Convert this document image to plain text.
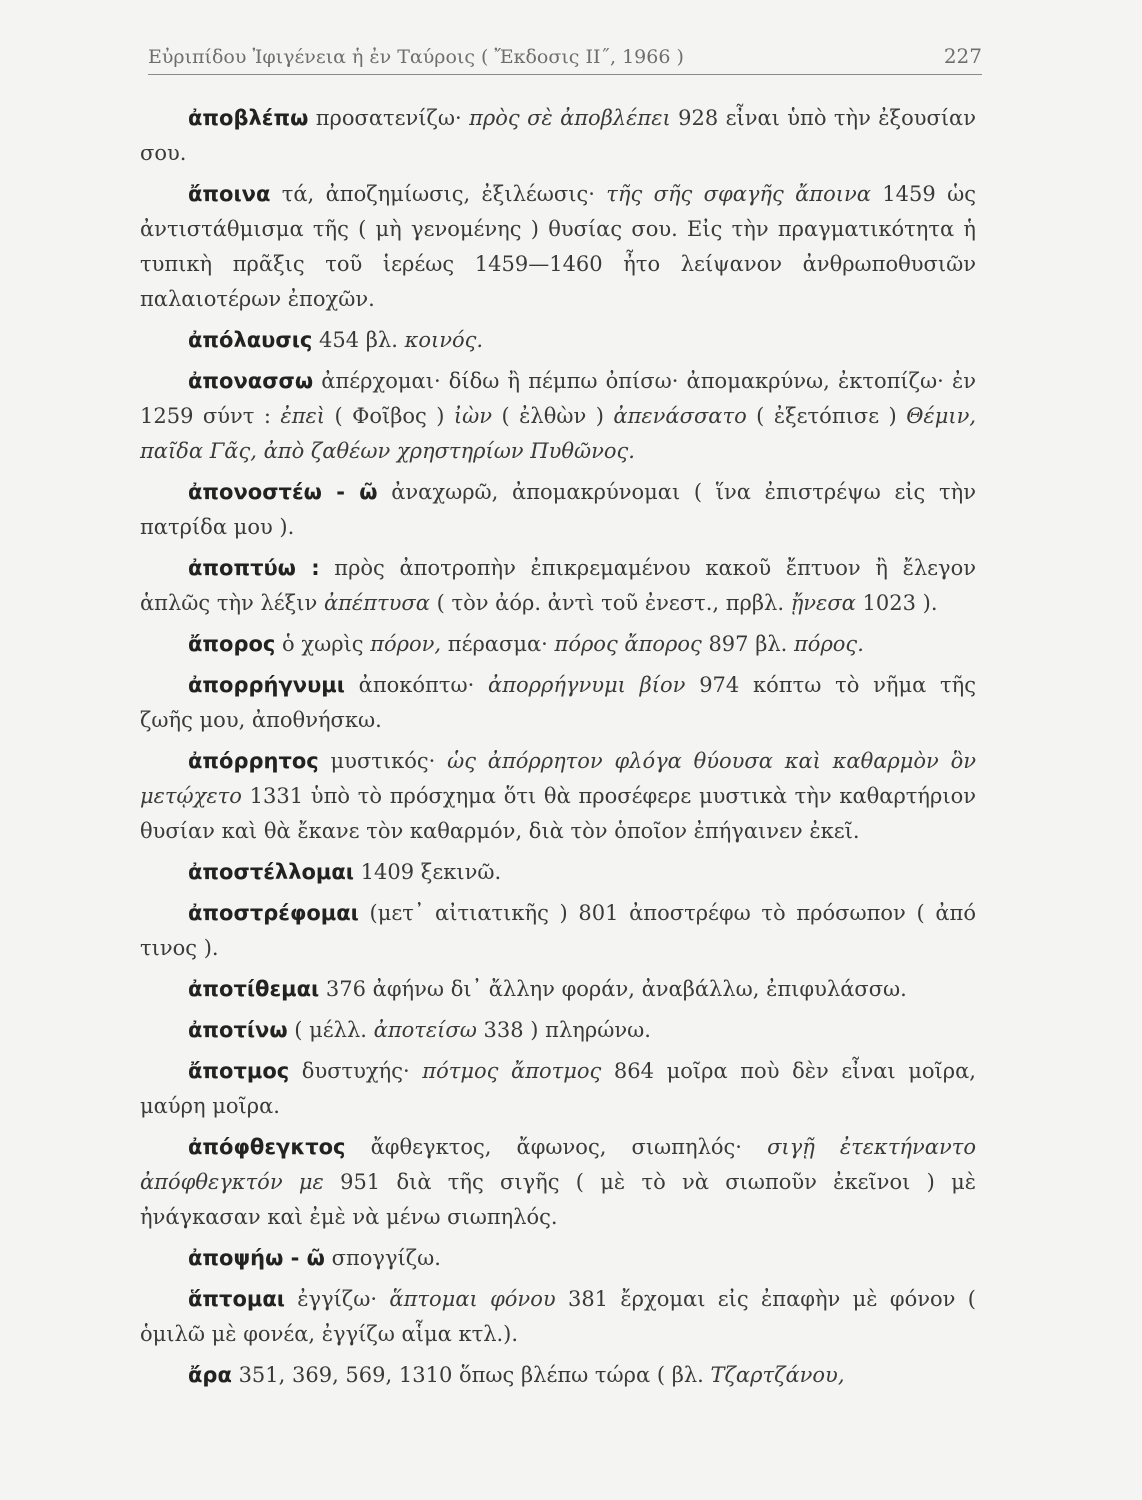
Εὐριπίδου Ἰφιγένεια ἡ ἐν Ταύροις ( Ἔκδοσις ΙΙ˝, 1966 )	227

ἀποβλέπω προσατενίζω· πρὸς σὲ ἀποβλέπει 928 εἶναι ὑπὸ τὴν ἐξουσίαν σου.

ἄποινα τά, ἀποζημίωσις, ἐξιλέωσις· τῆς σῆς σφαγῆς ἄποινα 1459 ὡς ἀντιστάθμισμα τῆς ( μὴ γενομένης ) θυσίας σου. Εἰς τὴν πραγματικότητα ἡ τυπικὴ πρᾶξις τοῦ ἱερέως 1459—1460 ἦτο λείψανον ἀνθρωποθυσιῶν παλαιοτέρων ἐποχῶν.

ἀπόλαυσις 454 βλ. κοινός.

ἀπονασσω ἀπέρχομαι· δίδω ἢ πέμπω ὀπίσω· ἀπομακρύνω, ἐκτοπίζω· ἐν 1259 σύντ : ἐπεὶ ( Φοῖβος ) ἰὼν ( ἐλθὼν ) ἀπενάσσατο ( ἐξετόπισε ) Θέμιν, παῖδα Γᾶς, ἀπὸ ζαθέων χρηστηρίων Πυθῶνος.

ἀπονοστέω - ῶ ἀναχωρῶ, ἀπομακρύνομαι ( ἵνα ἐπιστρέψω εἰς τὴν πατρίδα μου ).

ἀποπτύω : πρὸς ἀποτροπὴν ἐπικρεμαμένου κακοῦ ἔπτυον ἢ ἔλεγον ἁπλῶς τὴν λέξιν ἀπέπτυσα ( τὸν ἀόρ. ἀντὶ τοῦ ἐνεστ., πρβλ. ᾔνεσα 1023 ).

ἄπορος ὁ χωρὶς πόρον, πέρασμα· πόρος ἄπορος 897 βλ. πόρος.

ἀπορρήγνυμι ἀποκόπτω· ἀπορρήγνυμι βίον 974 κόπτω τὸ νῆμα τῆς ζωῆς μου, ἀποθνήσκω.

ἀπόρρητος μυστικός· ὡς ἀπόρρητον φλόγα θύουσα καὶ καθαρμὸν ὃν μετῴχετο 1331 ὑπὸ τὸ πρόσχημα ὅτι θὰ προσέφερε μυστικὰ τὴν καθαρτήριον θυσίαν καὶ θὰ ἔκανε τὸν καθαρμόν, διὰ τὸν ὁποῖον ἐπήγαινεν ἐκεῖ.

ἀποστέλλομαι 1409 ξεκινῶ.

ἀποστρέφομαι (μετ᾽ αἰτιατικῆς ) 801 ἀποστρέφω τὸ πρόσωπον ( ἀπό τινος ).

ἀποτίθεμαι 376 ἀφήνω δι᾽ ἄλλην φοράν, ἀναβάλλω, ἐπιφυλάσσω.

ἀποτίνω ( μέλλ. ἀποτείσω 338 ) πληρώνω.

ἄποτμος δυστυχής· πότμος ἄποτμος 864 μοῖρα ποὺ δὲν εἶναι μοῖρα, μαύρη μοῖρα.

ἀπόφθεγκτος ἄφθεγκτος, ἄφωνος, σιωπηλός· σιγῇ ἐτεκτήναντο ἀπόφθεγκτόν με 951 διὰ τῆς σιγῆς ( μὲ τὸ νὰ σιωποῦν ἐκεῖνοι ) μὲ ἠνάγκασαν καὶ ἐμὲ νὰ μένω σιωπηλός.

ἀποψήω - ῶ σπογγίζω.

ἅπτομαι ἐγγίζω· ἅπτομαι φόνου 381 ἔρχομαι εἰς ἐπαφὴν μὲ φόνον ( ὁμιλῶ μὲ φονέα, ἐγγίζω αἷμα κτλ.).

ἄρα 351, 369, 569, 1310 ὅπως βλέπω τώρα ( βλ. Τζαρτζάνου,
